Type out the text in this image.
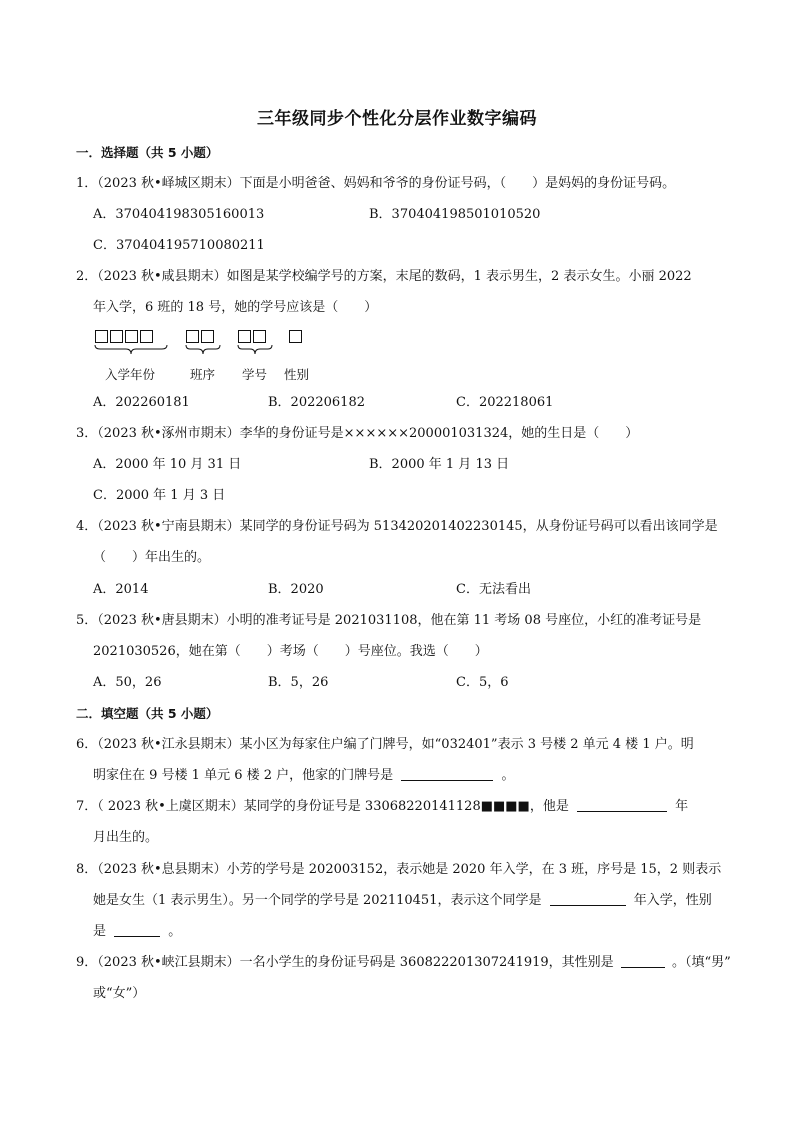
三年级同步个性化分层作业数字编码
一．选择题（共 5 小题）
1．（2023 秋•峄城区期末）下面是小明爸爸、妈妈和爷爷的身份证号码，（　　）是妈妈的身份证号码。
A．370404198305160013	B．370404198501010520
C．370404195710080211
2．（2023 秋•咸县期末）如图是某学校编学号的方案，末尾的数码，1 表示男生，2 表示女生。小丽 2022
年入学，6 班的 18 号，她的学号应该是（　　）
入学年份	班序 学号 性别
A．202260181	B．202206182	C．202218061
3．（2023 秋•涿州市期末）李华的身份证号是××××××200001031324，她的生日是（　　）
A．2000 年 10 月 31 日	B．2000 年 1 月 13 日
C．2000 年 1 月 3 日
4．（2023 秋•宁南县期末）某同学的身份证号码为 513420201402230145，从身份证号码可以看出该同学是
（　　）年出生的。
A．2014	B．2020	C．无法看出
5．（2023 秋•唐县期末）小明的准考证号是 2021031108，他在第 11 考场 08 号座位，小红的准考证号是
2021030526，她在第（　　）考场（　　）号座位。我选（　　）
A．50，26	B．5，26	C．5，6
二．填空题（共 5 小题）
6．（2023 秋•江永县期末）某小区为每家住户编了门牌号，如“032401”表示 3 号楼 2 单元 4 楼 1 户。明
明家住在 9 号楼 1 单元 6 楼 2 户，他家的门牌号是	。
7．（ 2023 秋•上虞区期末）某同学的身份证号是 33068220141128■■■■，他是	年
月出生的。
8．（2023 秋•息县期末）小芳的学号是 202003152，表示她是 2020 年入学，在 3 班，序号是 15，2 则表示
她是女生（1 表示男生）。另一个同学的学号是 202110451，表示这个同学是	年入学，性别
是	。
9．（2023 秋•峡江县期末）一名小学生的身份证号码是 360822201307241919，其性别是	。（填“男”
或“女”）
